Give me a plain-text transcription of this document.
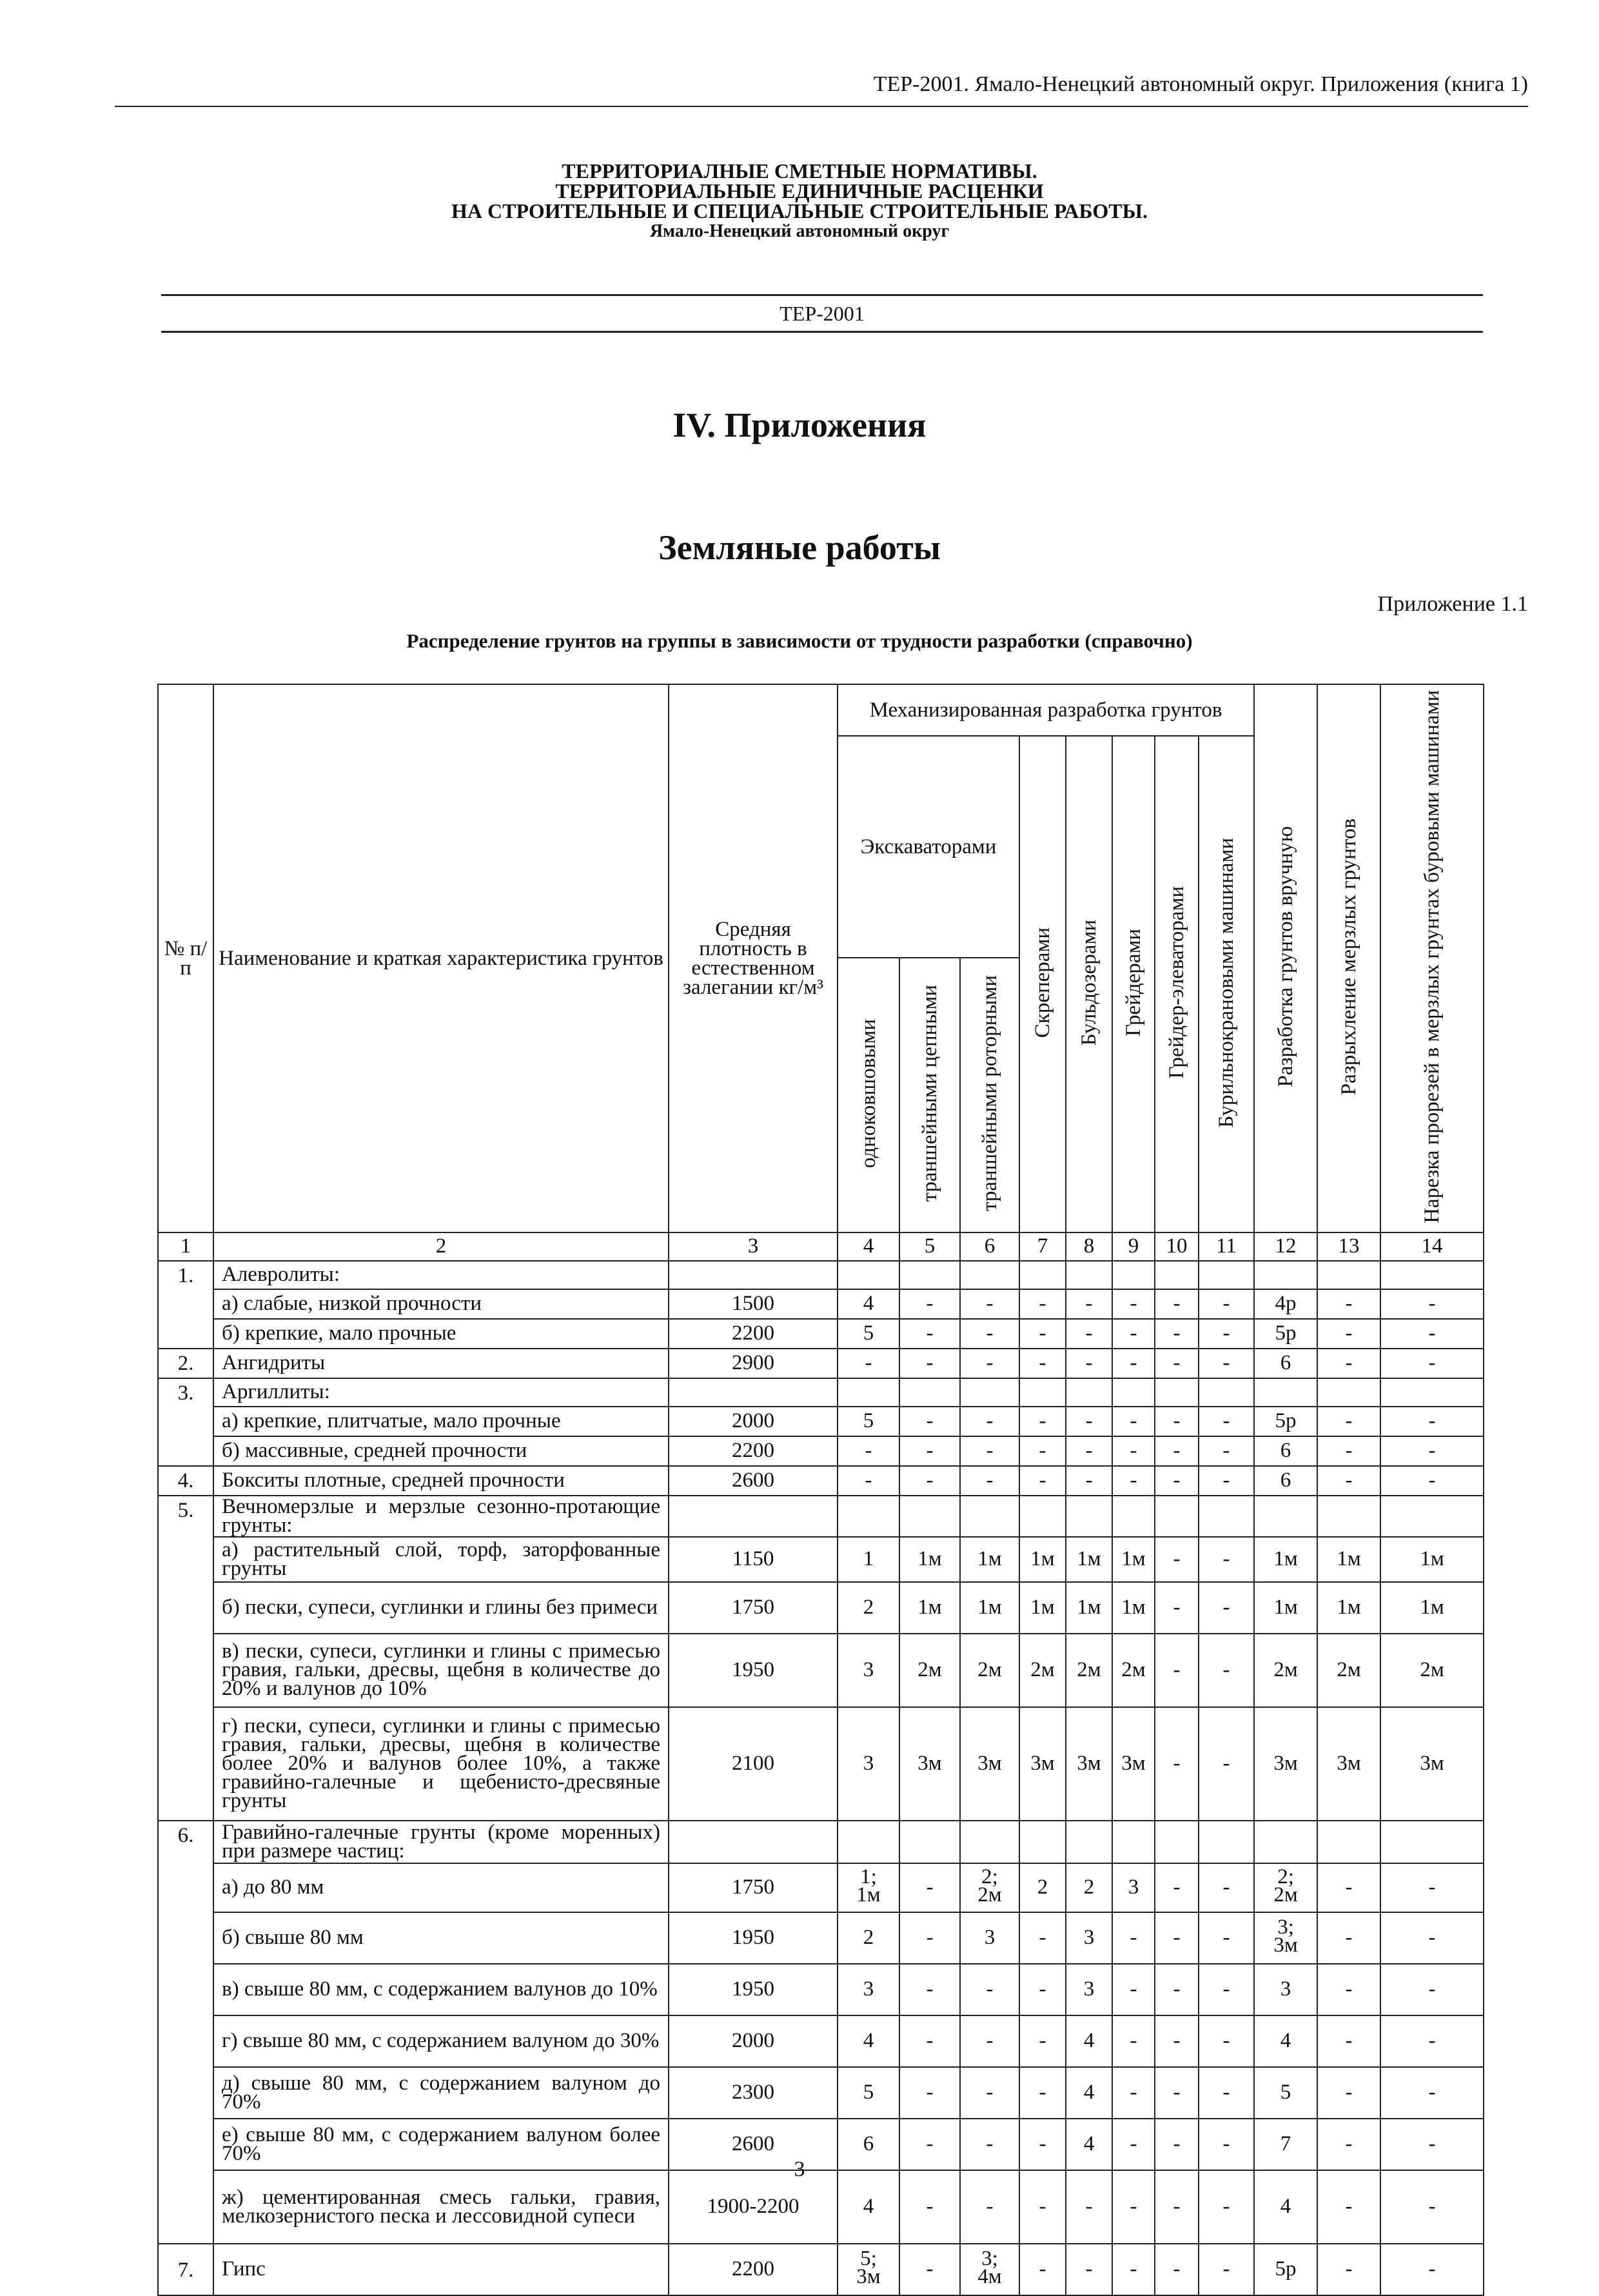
ТЕР-2001. Ямало-Ненецкий автономный округ. Приложения (книга 1)
ТЕРРИТОРИАЛНЫЕ СМЕТНЫЕ НОРМАТИВЫ.
ТЕРРИТОРИАЛЬНЫЕ ЕДИНИЧНЫЕ РАСЦЕНКИ
НА СТРОИТЕЛЬНЫЕ И СПЕЦИАЛЬНЫЕ СТРОИТЕЛЬНЫЕ РАБОТЫ.
Ямало-Ненецкий автономный округ
ТЕР-2001
IV. Приложения
Земляные работы
Приложение 1.1
Распределение грунтов на группы в зависимости от трудности разработки (справочно)
№ п/п	Наименование и краткая характеристика грунтов	Средняя плотность в естественном залегании кг/м³	Механизированная разработка грунтов								Разработка грунтов вручную	Разрыхление мерзлых грунтов	Нарезка прорезей в мерзлых грунтах буровыми машинами
			Экскаваторами			Скреперами	Бульдозерами	Грейдерами	Грейдер-элеваторами	Бурильнокрановыми машинами			
			одноковшовыми	траншейными цепными	траншейными роторными								
1	2	3	4	5	6	7	8	9	10	11	12	13	14
1.	Алевролиты:												
	а) слабые, низкой прочности	1500	4	-	-	-	-	-	-	-	4р	-	-
	б) крепкие, мало прочные	2200	5	-	-	-	-	-	-	-	5р	-	-
2.	Ангидриты	2900	-	-	-	-	-	-	-	-	6	-	-
3.	Аргиллиты:												
	а) крепкие, плитчатые, мало прочные	2000	5	-	-	-	-	-	-	-	5р	-	-
	б) массивные, средней прочности	2200	-	-	-	-	-	-	-	-	6	-	-
4.	Бокситы плотные, средней прочности	2600	-	-	-	-	-	-	-	-	6	-	-
5.	Вечномерзлые и мерзлые сезонно-протающие грунты:												
	а) растительный слой, торф, заторфованные грунты	1150	1	1м	1м	1м	1м	1м	-	-	1м	1м	1м
	б) пески, супеси, суглинки и глины без примеси	1750	2	1м	1м	1м	1м	1м	-	-	1м	1м	1м
	в) пески, супеси, суглинки и глины с примесью гравия, гальки, дресвы, щебня в количестве до 20% и валунов до 10%	1950	3	2м	2м	2м	2м	2м	-	-	2м	2м	2м
	г) пески, супеси, суглинки и глины с примесью гравия, гальки, дресвы, щебня в количестве более 20% и валунов более 10%, а также гравийно-галечные и щебенисто-дресвяные грунты	2100	3	3м	3м	3м	3м	3м	-	-	3м	3м	3м
6.	Гравийно-галечные грунты (кроме моренных) при размере частиц:												
	а) до 80 мм	1750	1;
1м	-	2;
2м	2	2	3	-	-	2;
2м	-	-
	б) свыше 80 мм	1950	2	-	3	-	3	-	-	-	3;
3м	-	-
	в) свыше 80 мм, с содержанием валунов до 10%	1950	3	-	-	-	3	-	-	-	3	-	-
	г) свыше 80 мм, с содержанием валуном до 30%	2000	4	-	-	-	4	-	-	-	4	-	-
	д) свыше 80 мм, с содержанием валуном до 70%	2300	5	-	-	-	4	-	-	-	5	-	-
	е) свыше 80 мм, с содержанием валуном более 70%	2600	6	-	-	-	4	-	-	-	7	-	-
	ж) цементированная смесь гальки, гравия, мелкозернистого песка и лессовидной супеси	1900-2200	4	-	-	-	-	-	-	-	4	-	-
7.	Гипс	2200	5;
3м	-	3;
4м	-	-	-	-	-	5р	-	-
3
